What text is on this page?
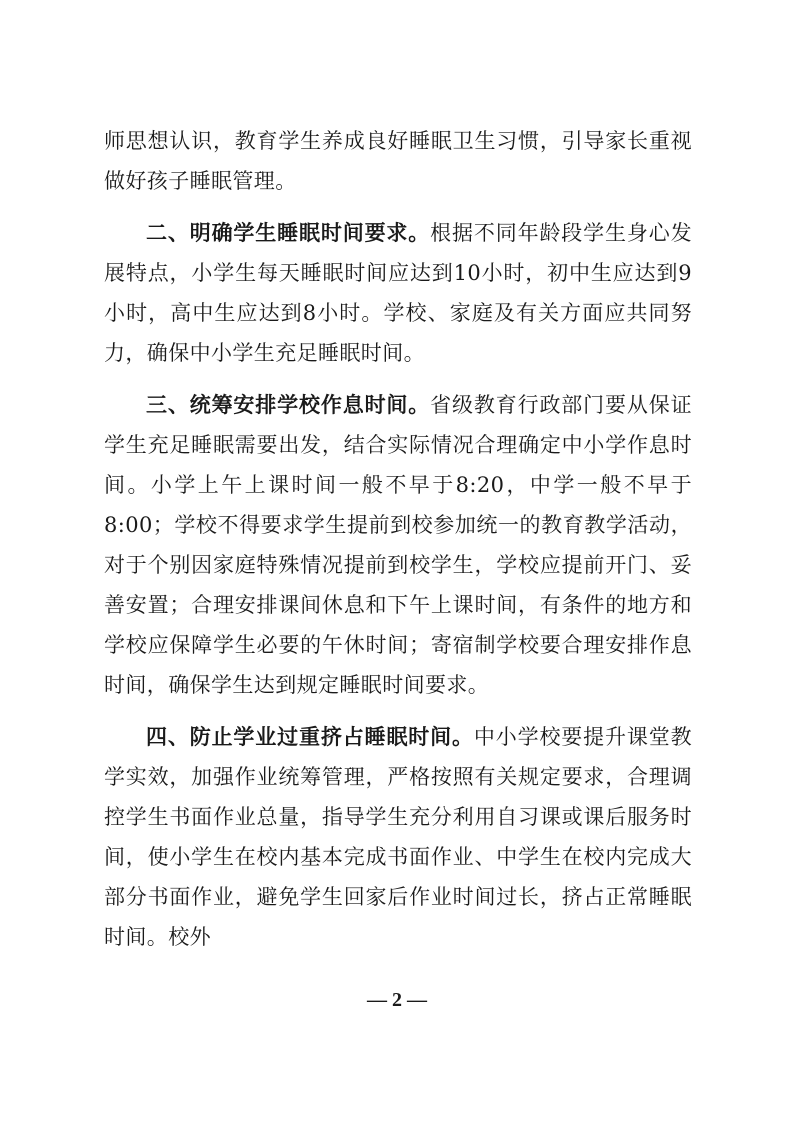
师思想认识，教育学生养成良好睡眠卫生习惯，引导家长重视做好孩子睡眠管理。

二、明确学生睡眠时间要求。根据不同年龄段学生身心发展特点，小学生每天睡眠时间应达到10小时，初中生应达到9小时，高中生应达到8小时。学校、家庭及有关方面应共同努力，确保中小学生充足睡眠时间。

三、统筹安排学校作息时间。省级教育行政部门要从保证学生充足睡眠需要出发，结合实际情况合理确定中小学作息时间。小学上午上课时间一般不早于8:20，中学一般不早于8:00；学校不得要求学生提前到校参加统一的教育教学活动，对于个别因家庭特殊情况提前到校学生，学校应提前开门、妥善安置；合理安排课间休息和下午上课时间，有条件的地方和学校应保障学生必要的午休时间；寄宿制学校要合理安排作息时间，确保学生达到规定睡眠时间要求。

四、防止学业过重挤占睡眠时间。中小学校要提升课堂教学实效，加强作业统筹管理，严格按照有关规定要求，合理调控学生书面作业总量，指导学生充分利用自习课或课后服务时间，使小学生在校内基本完成书面作业、中学生在校内完成大部分书面作业，避免学生回家后作业时间过长，挤占正常睡眠时间。校外

— 2 —
